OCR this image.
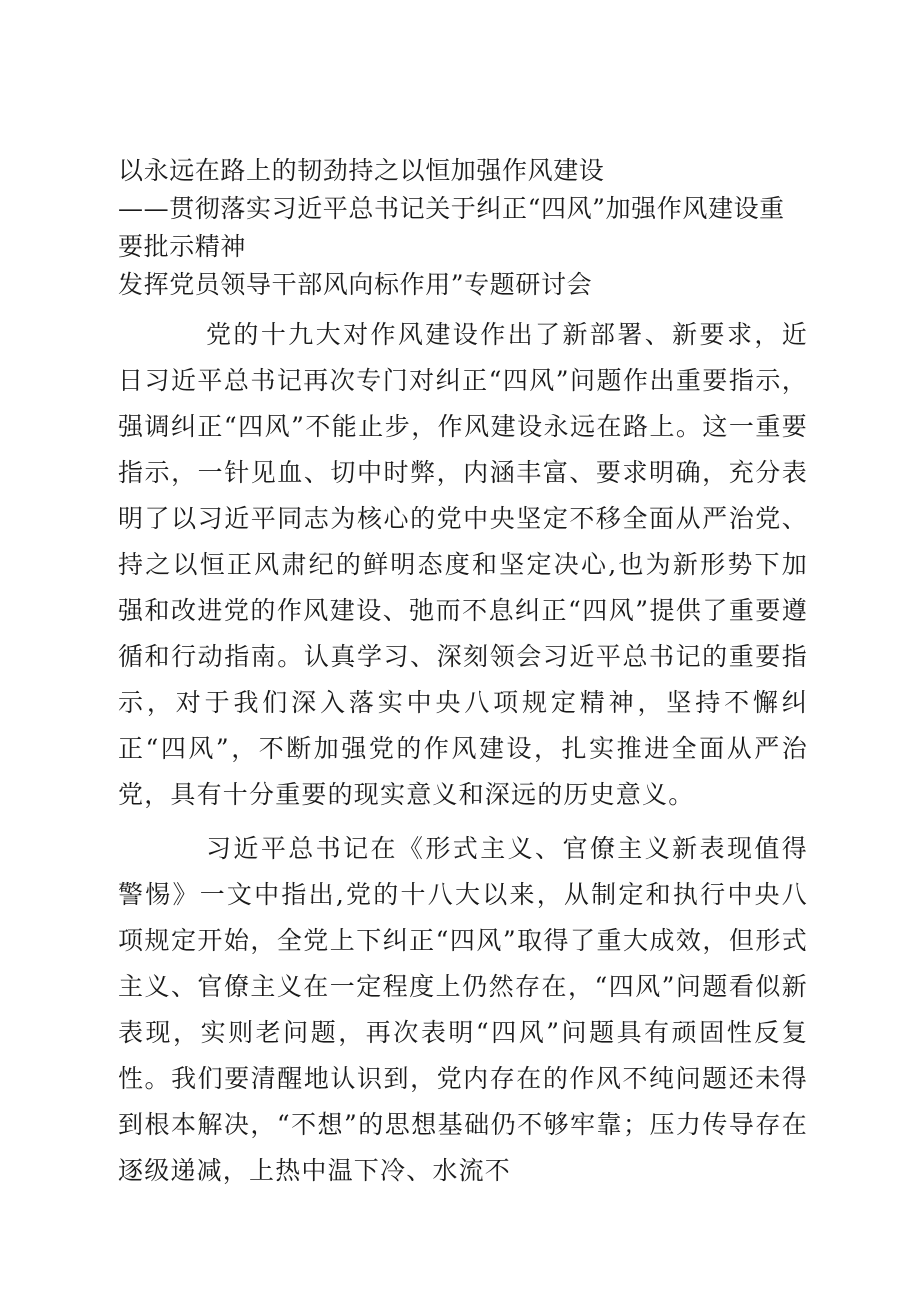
以永远在路上的韧劲持之以恒加强作风建设
——贯彻落实习近平总书记关于纠正“四风”加强作风建设重要批示精神
发挥党员领导干部风向标作用”专题研讨会

党的十九大对作风建设作出了新部署、新要求，近日习近平总书记再次专门对纠正“四风”问题作出重要指示，强调纠正“四风”不能止步，作风建设永远在路上。这一重要指示，一针见血、切中时弊，内涵丰富、要求明确，充分表明了以习近平同志为核心的党中央坚定不移全面从严治党、持之以恒正风肃纪的鲜明态度和坚定决心,也为新形势下加强和改进党的作风建设、弛而不息纠正“四风”提供了重要遵循和行动指南。认真学习、深刻领会习近平总书记的重要指示，对于我们深入落实中央八项规定精神，坚持不懈纠正“四风”，不断加强党的作风建设，扎实推进全面从严治党，具有十分重要的现实意义和深远的历史意义。

习近平总书记在《形式主义、官僚主义新表现值得警惕》一文中指出,党的十八大以来，从制定和执行中央八项规定开始，全党上下纠正“四风”取得了重大成效，但形式主义、官僚主义在一定程度上仍然存在，“四风”问题看似新表现，实则老问题，再次表明“四风”问题具有顽固性反复性。我们要清醒地认识到，党内存在的作风不纯问题还未得到根本解决，“不想”的思想基础仍不够牢靠；压力传导存在逐级递减，上热中温下冷、水流不
